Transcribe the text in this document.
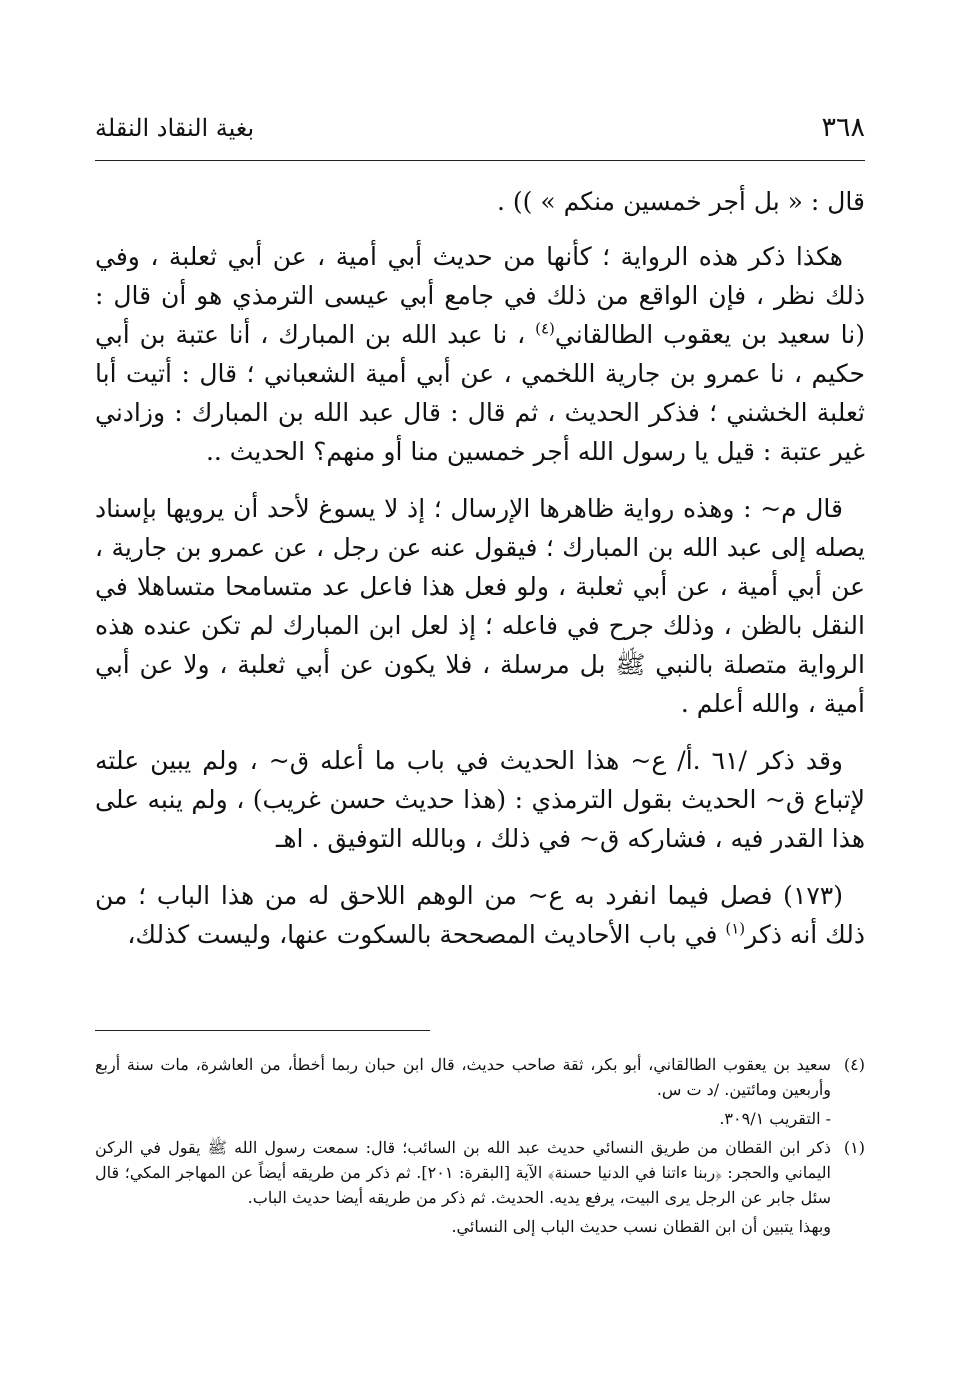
٣٦٨
بغية النقاد النقلة

قال : « بل أجر خمسين منكم » )) .

هكذا ذكر هذه الرواية ؛ كأنها من حديث أبي أمية ، عن أبي ثعلبة ، وفي ذلك نظر ، فإن الواقع من ذلك في جامع أبي عيسى الترمذي هو أن قال : (نا سعيد بن يعقوب الطالقاني$^{(٤)}$ ، نا عبد الله بن المبارك ، أنا عتبة بن أبي حكيم ، نا عمرو بن جارية اللخمي ، عن أبي أمية الشعباني ؛ قال : أتيت أبا ثعلبة الخشني ؛ فذكر الحديث ، ثم قال : قال عبد الله بن المبارك : وزادني غير عتبة : قيل يا رسول الله أجر خمسين منا أو منهم؟ الحديث ..

قال م~ : وهذه رواية ظاهرها الإرسال ؛ إذ لا يسوغ لأحد أن يرويها بإسناد يصله إلى عبد الله بن المبارك ؛ فيقول عنه عن رجل ، عن عمرو بن جارية ، عن أبي أمية ، عن أبي ثعلبة ، ولو فعل هذا فاعل عد متسامحا متساهلا في النقل بالظن ، وذلك جرح في فاعله ؛ إذ لعل ابن المبارك لم تكن عنده هذه الرواية متصلة بالنبي ﷺ بل مرسلة ، فلا يكون عن أبي ثعلبة ، ولا عن أبي أمية ، والله أعلم .

وقد ذكر /٦١ .أ/ ع~ هذا الحديث في باب ما أعله ق~ ، ولم يبين علته لإتباع ق~ الحديث بقول الترمذي : (هذا حديث حسن غريب) ، ولم ينبه على هذا القدر فيه ، فشاركه ق~ في ذلك ، وبالله التوفيق . اهـ

(١٧٣) فصل فيما انفرد به ع~ من الوهم اللاحق له من هذا الباب ؛ من ذلك أنه ذكر$^{(١)}$ في باب الأحاديث المصححة بالسكوت عنها، وليست كذلك،

(٤)
سعيد بن يعقوب الطالقاني، أبو بكر، ثقة صاحب حديث، قال ابن حبان ربما أخطأ، من العاشرة، مات سنة أربع وأربعين ومائتين. /د ت س.
- التقريب ٣٠٩/١.
(١)
ذكر ابن القطان من طريق النسائي حديث عبد الله بن السائب؛ قال: سمعت رسول الله ﷺ يقول في الركن اليماني والحجر: ﴿ربنا ءاتنا في الدنيا حسنة﴾ الآية [البقرة: ٢٠١]. ثم ذكر من طريقه أيضاً عن المهاجر المكي؛ قال سئل جابر عن الرجل يرى البيت، يرفع يديه. الحديث. ثم ذكر من طريقه أيضا حديث الباب.
وبهذا يتبين أن ابن القطان نسب حديث الباب إلى النسائي.
